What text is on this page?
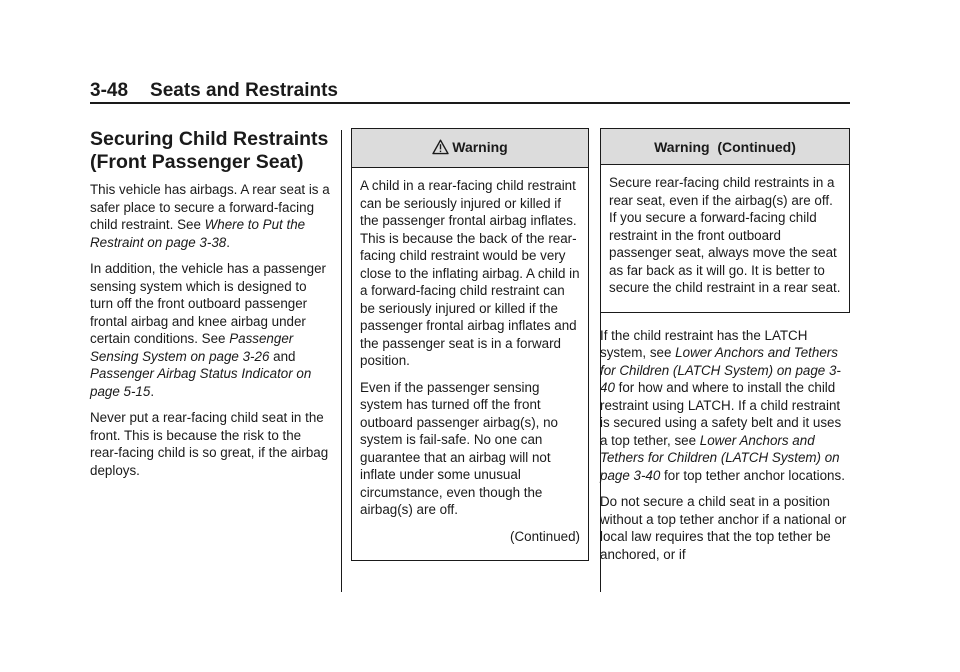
3-48 Seats and Restraints
Securing Child Restraints
(Front Passenger Seat)

This vehicle has airbags. A rear seat is a safer place to secure a forward-facing child restraint. See Where to Put the Restraint on page 3-38.

In addition, the vehicle has a passenger sensing system which is designed to turn off the front outboard passenger frontal airbag and knee airbag under certain conditions. See Passenger Sensing System on page 3-26 and Passenger Airbag Status Indicator on page 5-15.

Never put a rear-facing child seat in the front. This is because the risk to the rear-facing child is so great, if the airbag deploys.

Warning

A child in a rear-facing child restraint can be seriously injured or killed if the passenger frontal airbag inflates. This is because the back of the rear-facing child restraint would be very close to the inflating airbag. A child in a forward-facing child restraint can be seriously injured or killed if the passenger frontal airbag inflates and the passenger seat is in a forward position.

Even if the passenger sensing system has turned off the front outboard passenger airbag(s), no system is fail-safe. No one can guarantee that an airbag will not inflate under some unusual circumstance, even though the airbag(s) are off.

(Continued)

Warning  (Continued)

Secure rear-facing child restraints in a rear seat, even if the airbag(s) are off. If you secure a forward-facing child restraint in the front outboard passenger seat, always move the seat as far back as it will go. It is better to secure the child restraint in a rear seat.

If the child restraint has the LATCH system, see Lower Anchors and Tethers for Children (LATCH System) on page 3-40 for how and where to install the child restraint using LATCH. If a child restraint is secured using a safety belt and it uses a top tether, see Lower Anchors and Tethers for Children (LATCH System) on page 3-40 for top tether anchor locations.

Do not secure a child seat in a position without a top tether anchor if a national or local law requires that the top tether be anchored, or if
